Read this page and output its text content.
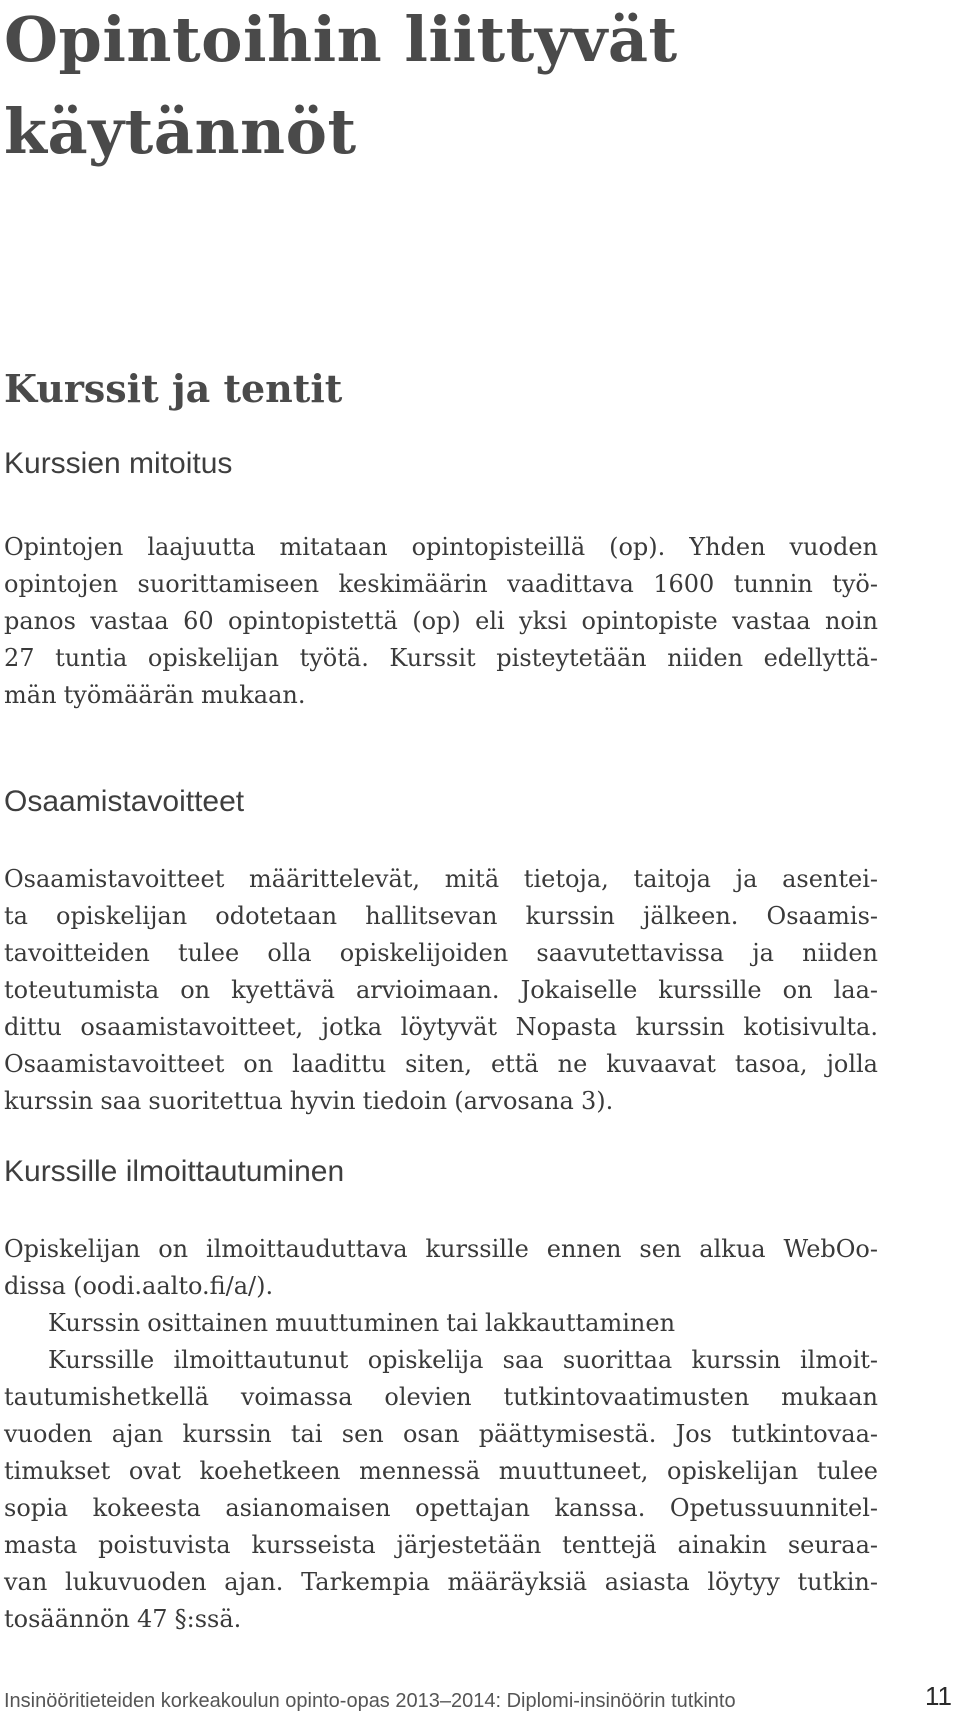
Opintoihin liittyvät
käytännöt
Kurssit ja tentit
Kurssien mitoitus

Opintojen laajuutta mitataan opintopisteillä (op). Yhden vuoden
opintojen suorittamiseen keskimäärin vaadittava 1600 tunnin työ-
panos vastaa 60 opintopistettä (op) eli yksi opintopiste vastaa noin
27 tuntia opiskelijan työtä. Kurssit pisteytetään niiden edellyttä-
män työmäärän mukaan.

Osaamistavoitteet

Osaamistavoitteet määrittelevät, mitä tietoja, taitoja ja asentei-
ta opiskelijan odotetaan hallitsevan kurssin jälkeen. Osaamis-
tavoitteiden tulee olla opiskelijoiden saavutettavissa ja niiden
toteutumista on kyettävä arvioimaan. Jokaiselle kurssille on laa-
dittu osaamistavoitteet, jotka löytyvät Nopasta kurssin kotisivulta.
Osaamistavoitteet on laadittu siten, että ne kuvaavat tasoa, jolla
kurssin saa suoritettua hyvin tiedoin (arvosana 3).

Kurssille ilmoittautuminen

Opiskelijan on ilmoittauduttava kurssille ennen sen alkua WebOo-
dissa (oodi.aalto.fi/a/).
Kurssin osittainen muuttuminen tai lakkauttaminen
Kurssille ilmoittautunut opiskelija saa suorittaa kurssin ilmoit-
tautumishetkellä voimassa olevien tutkintovaatimusten mukaan
vuoden ajan kurssin tai sen osan päättymisestä. Jos tutkintovaa-
timukset ovat koehetkeen mennessä muuttuneet, opiskelijan tulee
sopia kokeesta asianomaisen opettajan kanssa. Opetussuunnitel-
masta poistuvista kursseista järjestetään tenttejä ainakin seuraa-
van lukuvuoden ajan. Tarkempia määräyksiä asiasta löytyy tutkin-
tosäännön 47 §:ssä.

Insinööritieteiden korkeakoulun opinto-opas 2013–2014: Diplomi-insinöörin tutkinto	11
